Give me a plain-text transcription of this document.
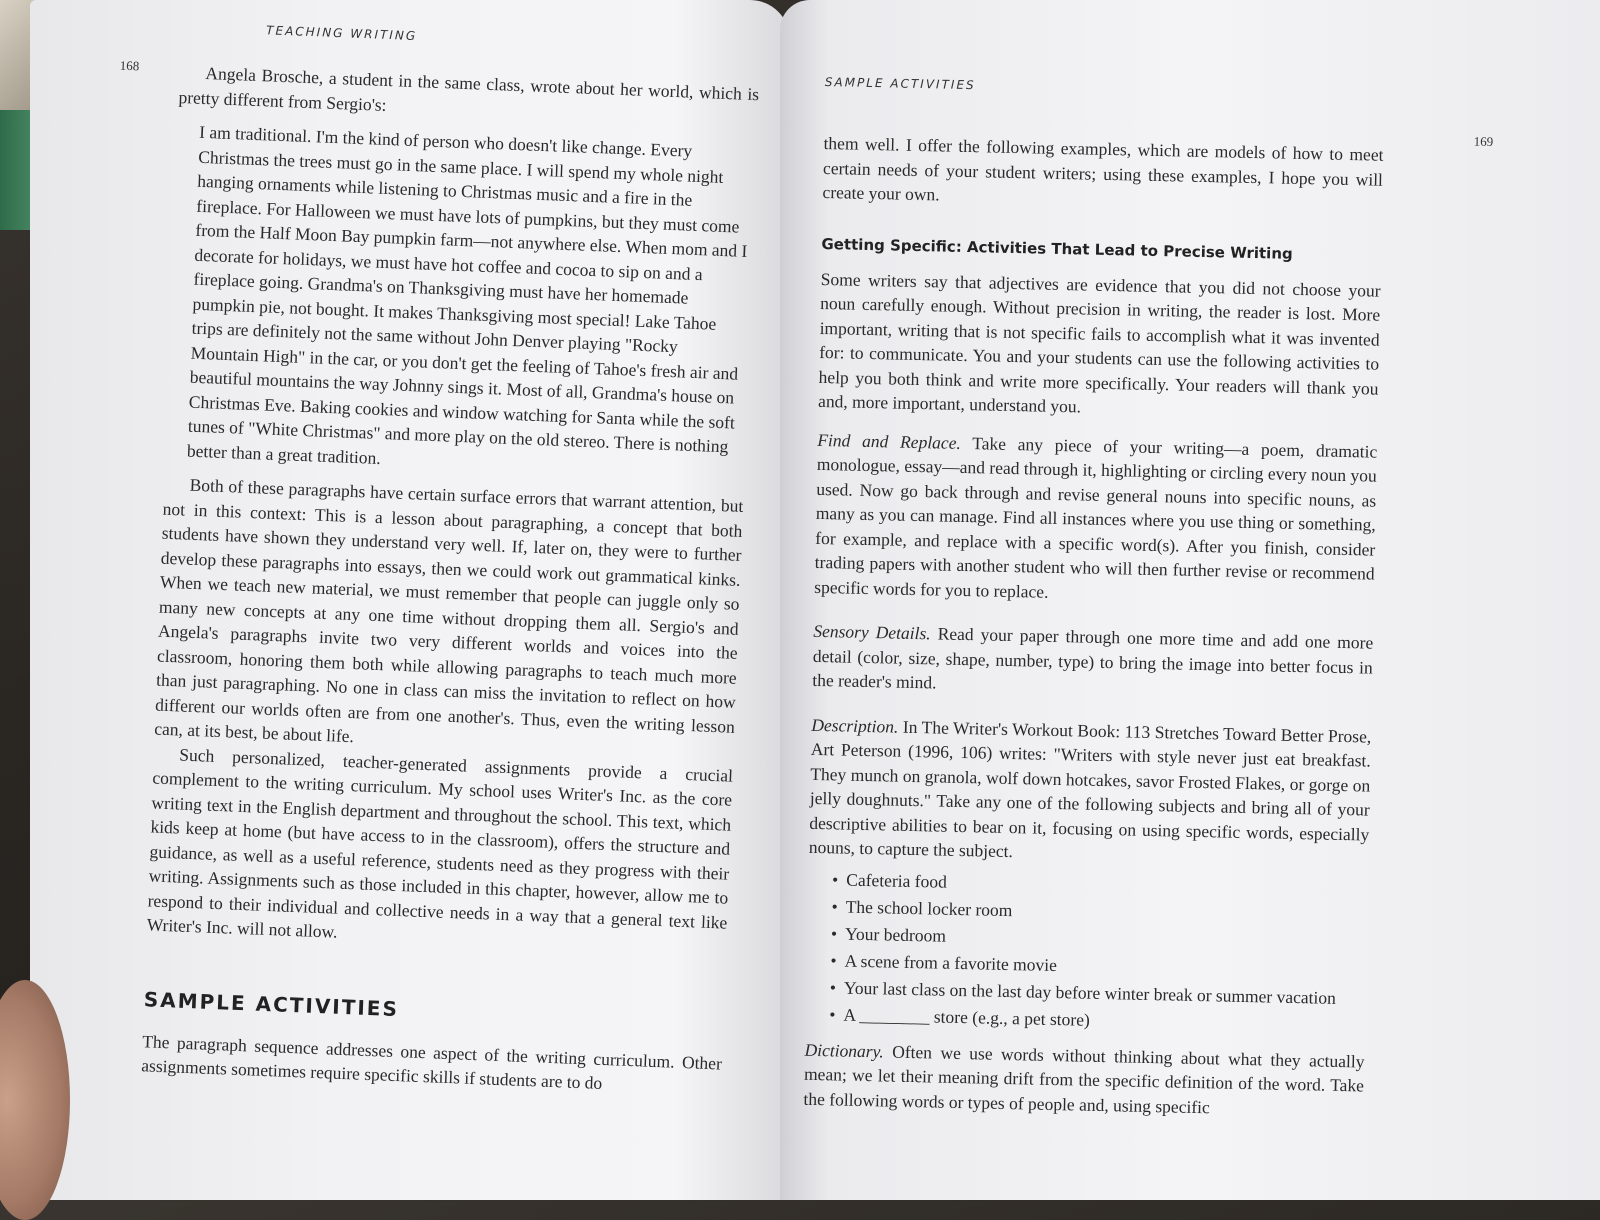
TEACHING WRITING
168	Angela Brosche, a student in the same class, wrote about her world, which is pretty different from Sergio's:

I am traditional. I'm the kind of person who doesn't like change. Every Christmas the trees must go in the same place. I will spend my whole night hanging ornaments while listening to Christmas music and a fire in the fireplace. For Halloween we must have lots of pumpkins, but they must come from the Half Moon Bay pumpkin farm—not anywhere else. When mom and I decorate for holidays, we must have hot coffee and cocoa to sip on and a fireplace going. Grandma's on Thanksgiving must have her homemade pumpkin pie, not bought. It makes Thanksgiving most special! Lake Tahoe trips are definitely not the same without John Denver playing "Rocky Mountain High" in the car, or you don't get the feeling of Tahoe's fresh air and beautiful mountains the way Johnny sings it. Most of all, Grandma's house on Christmas Eve. Baking cookies and window watching for Santa while the soft tunes of "White Christmas" and more play on the old stereo. There is nothing better than a great tradition.

Both of these paragraphs have certain surface errors that warrant attention, but not in this context: This is a lesson about paragraphing, a concept that both students have shown they understand very well. If, later on, they were to further develop these paragraphs into essays, then we could work out grammatical kinks. When we teach new material, we must remember that people can juggle only so many new concepts at any one time without dropping them all. Sergio's and Angela's paragraphs invite two very different worlds and voices into the classroom, honoring them both while allowing paragraphs to teach much more than just paragraphing. No one in class can miss the invitation to reflect on how different our worlds often are from one another's. Thus, even the writing lesson can, at its best, be about life.

Such personalized, teacher-generated assignments provide a crucial complement to the writing curriculum. My school uses Writer's Inc. as the core writing text in the English department and throughout the school. This text, which kids keep at home (but have access to in the classroom), offers the structure and guidance, as well as a useful reference, students need as they progress with their writing. Assignments such as those included in this chapter, however, allow me to respond to their individual and collective needs in a way that a general text like Writer's Inc. will not allow.

SAMPLE ACTIVITIES

The paragraph sequence addresses one aspect of the writing curriculum. Other assignments sometimes require specific skills if students are to do

SAMPLE ACTIVITIES
169

them well. I offer the following examples, which are models of how to meet certain needs of your student writers; using these examples, I hope you will create your own.

Getting Specific: Activities That Lead to Precise Writing

Some writers say that adjectives are evidence that you did not choose your noun carefully enough. Without precision in writing, the reader is lost. More important, writing that is not specific fails to accomplish what it was invented for: to communicate. You and your students can use the following activities to help you both think and write more specifically. Your readers will thank you and, more important, understand you.

Find and Replace. Take any piece of your writing—a poem, dramatic monologue, essay—and read through it, highlighting or circling every noun you used. Now go back through and revise general nouns into specific nouns, as many as you can manage. Find all instances where you use thing or something, for example, and replace with a specific word(s). After you finish, consider trading papers with another student who will then further revise or recommend specific words for you to replace.

Sensory Details. Read your paper through one more time and add one more detail (color, size, shape, number, type) to bring the image into better focus in the reader's mind.

Description. In The Writer's Workout Book: 113 Stretches Toward Better Prose, Art Peterson (1996, 106) writes: "Writers with style never just eat breakfast. They munch on granola, wolf down hotcakes, savor Frosted Flakes, or gorge on jelly doughnuts." Take any one of the following subjects and bring all of your descriptive abilities to bear on it, focusing on using specific words, especially nouns, to capture the subject.

• Cafeteria food
• The school locker room
• Your bedroom
• A scene from a favorite movie
• Your last class on the last day before winter break or summer vacation
• A ________ store (e.g., a pet store)

Dictionary. Often we use words without thinking about what they actually mean; we let their meaning drift from the specific definition of the word. Take the following words or types of people and, using specific
